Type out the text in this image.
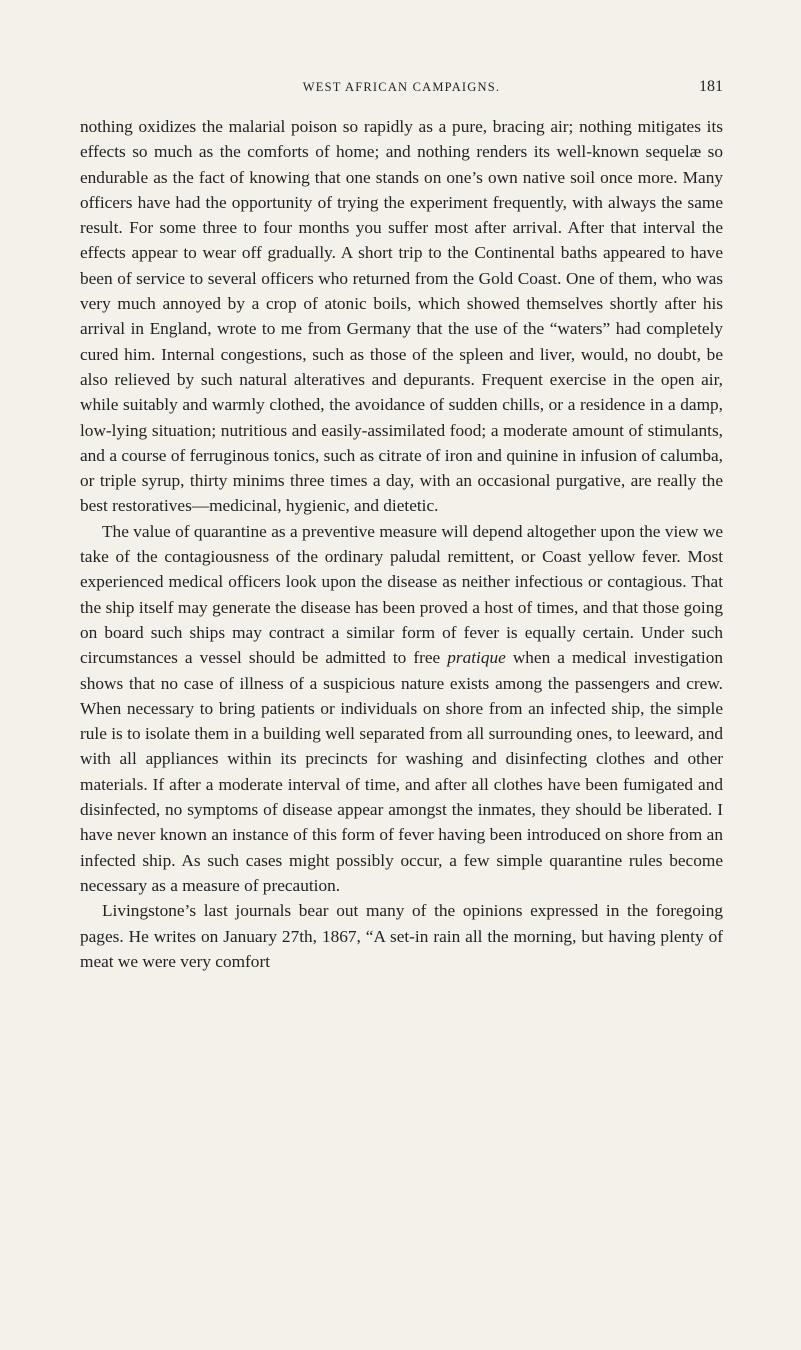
WEST AFRICAN CAMPAIGNS.	181

nothing oxidizes the malarial poison so rapidly as a pure, bracing air; nothing mitigates its effects so much as the comforts of home; and nothing renders its well-known sequelæ so endurable as the fact of knowing that one stands on one’s own native soil once more. Many officers have had the opportunity of trying the experiment frequently, with always the same result. For some three to four months you suffer most after arrival. After that interval the effects appear to wear off gradually. A short trip to the Continental baths appeared to have been of service to several officers who returned from the Gold Coast. One of them, who was very much annoyed by a crop of atonic boils, which showed themselves shortly after his arrival in England, wrote to me from Germany that the use of the “waters” had completely cured him. Internal congestions, such as those of the spleen and liver, would, no doubt, be also relieved by such natural alteratives and depurants. Frequent exercise in the open air, while suitably and warmly clothed, the avoidance of sudden chills, or a residence in a damp, low-lying situation; nutritious and easily-assimilated food; a moderate amount of stimulants, and a course of ferruginous tonics, such as citrate of iron and quinine in infusion of calumba, or triple syrup, thirty minims three times a day, with an occasional purgative, are really the best restoratives—medicinal, hygienic, and dietetic.

The value of quarantine as a preventive measure will depend altogether upon the view we take of the contagiousness of the ordinary paludal remittent, or Coast yellow fever. Most experienced medical officers look upon the disease as neither infectious or contagious. That the ship itself may generate the disease has been proved a host of times, and that those going on board such ships may contract a similar form of fever is equally certain. Under such circumstances a vessel should be admitted to free pratique when a medical investigation shows that no case of illness of a suspicious nature exists among the passengers and crew. When necessary to bring patients or individuals on shore from an infected ship, the simple rule is to isolate them in a building well separated from all surrounding ones, to leeward, and with all appliances within its precincts for washing and disinfecting clothes and other materials. If after a moderate interval of time, and after all clothes have been fumigated and disinfected, no symptoms of disease appear amongst the inmates, they should be liberated. I have never known an instance of this form of fever having been introduced on shore from an infected ship. As such cases might possibly occur, a few simple quarantine rules become necessary as a measure of precaution.

Livingstone’s last journals bear out many of the opinions expressed in the foregoing pages. He writes on January 27th, 1867, “A set-in rain all the morning, but having plenty of meat we were very comfort
